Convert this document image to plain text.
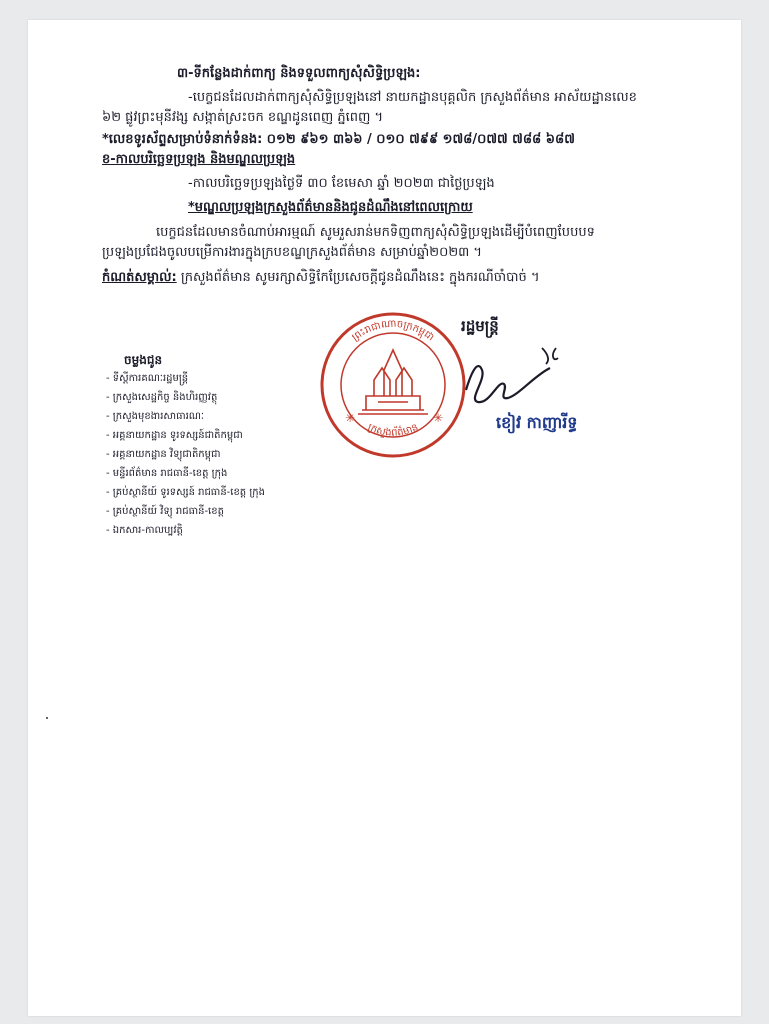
៣-ទីកន្លែងដាក់ពាក្យ និងទទួលពាក្យសុំសិទ្ធិប្រឡង:
-បេក្ខជនដែលដាក់ពាក្យសុំសិទ្ធិប្រឡងនៅ នាយកដ្ឋានបុគ្គលិក ក្រសួងព័ត៌មាន អាស័យដ្ឋានលេខ
៦២ ផ្លូវព្រះមុនីវង្ស សង្កាត់ស្រះចក ខណ្ឌដូនពេញ ភ្នំពេញ ។
*លេខទូរស័ព្ទសម្រាប់ទំនាក់ទំនង: ០១២ ៩៦១ ៣៦៦ / ០១០ ៧៩៩ ១៧៨/០៧៧ ៧៨៨ ៦៨៧
ខ-កាលបរិច្ឆេទប្រឡង និងមណ្ឌលប្រឡង
-កាលបរិច្ឆេទប្រឡងថ្ងៃទី ៣០ ខែមេសា ឆ្នាំ ២០២៣ ជាថ្ងៃប្រឡង
*មណ្ឌលប្រឡងក្រសួងព័ត៌មាននិងជូនដំណឹងនៅពេលក្រោយ
បេក្ខជនដែលមានចំណាប់អារម្មណ៍ សូមរួសរាន់មកទិញពាក្យសុំសិទ្ធិប្រឡងដើម្បីបំពេញបែបបទ
ប្រឡងប្រជែងចូលបម្រើការងារក្នុងក្របខណ្ឌក្រសួងព័ត៌មាន សម្រាប់ឆ្នាំ២០២៣ ។
កំណត់សម្គាល់: ក្រសួងព័ត៌មាន សូមរក្សាសិទ្ធិកែប្រែសេចក្តីជូនដំណឹងនេះ ក្នុងករណីចាំបាច់ ។
ព្រះរាជាណាចក្រកម្ពុជា
ក្រសួងព័ត៌មាន
✳	✳
រដ្ឋមន្ត្រី
ខៀវ កាញារីទ្ធ
ចម្លងជូន
- ទីស្តីការគណៈរដ្ឋមន្ត្រី
- ក្រសួងសេដ្ឋកិច្ច និងហិរញ្ញវត្ថុ
- ក្រសួងមុខងារសាធារណៈ
- អគ្គនាយកដ្ឋាន ទូរទស្សន៍ជាតិកម្ពុជា
- អគ្គនាយកដ្ឋាន វិទ្យុជាតិកម្ពុជា
- មន្ទីរព័ត៌មាន រាជធានី-ខេត្ត ក្រុង
- គ្រប់ស្ថានីយ៍ ទូរទស្សន៍ រាជធានី-ខេត្ត ក្រុង
- គ្រប់ស្ថានីយ៍ វិទ្យុ រាជធានី-ខេត្ត
- ឯកសារ-កាលប្បវត្តិ
